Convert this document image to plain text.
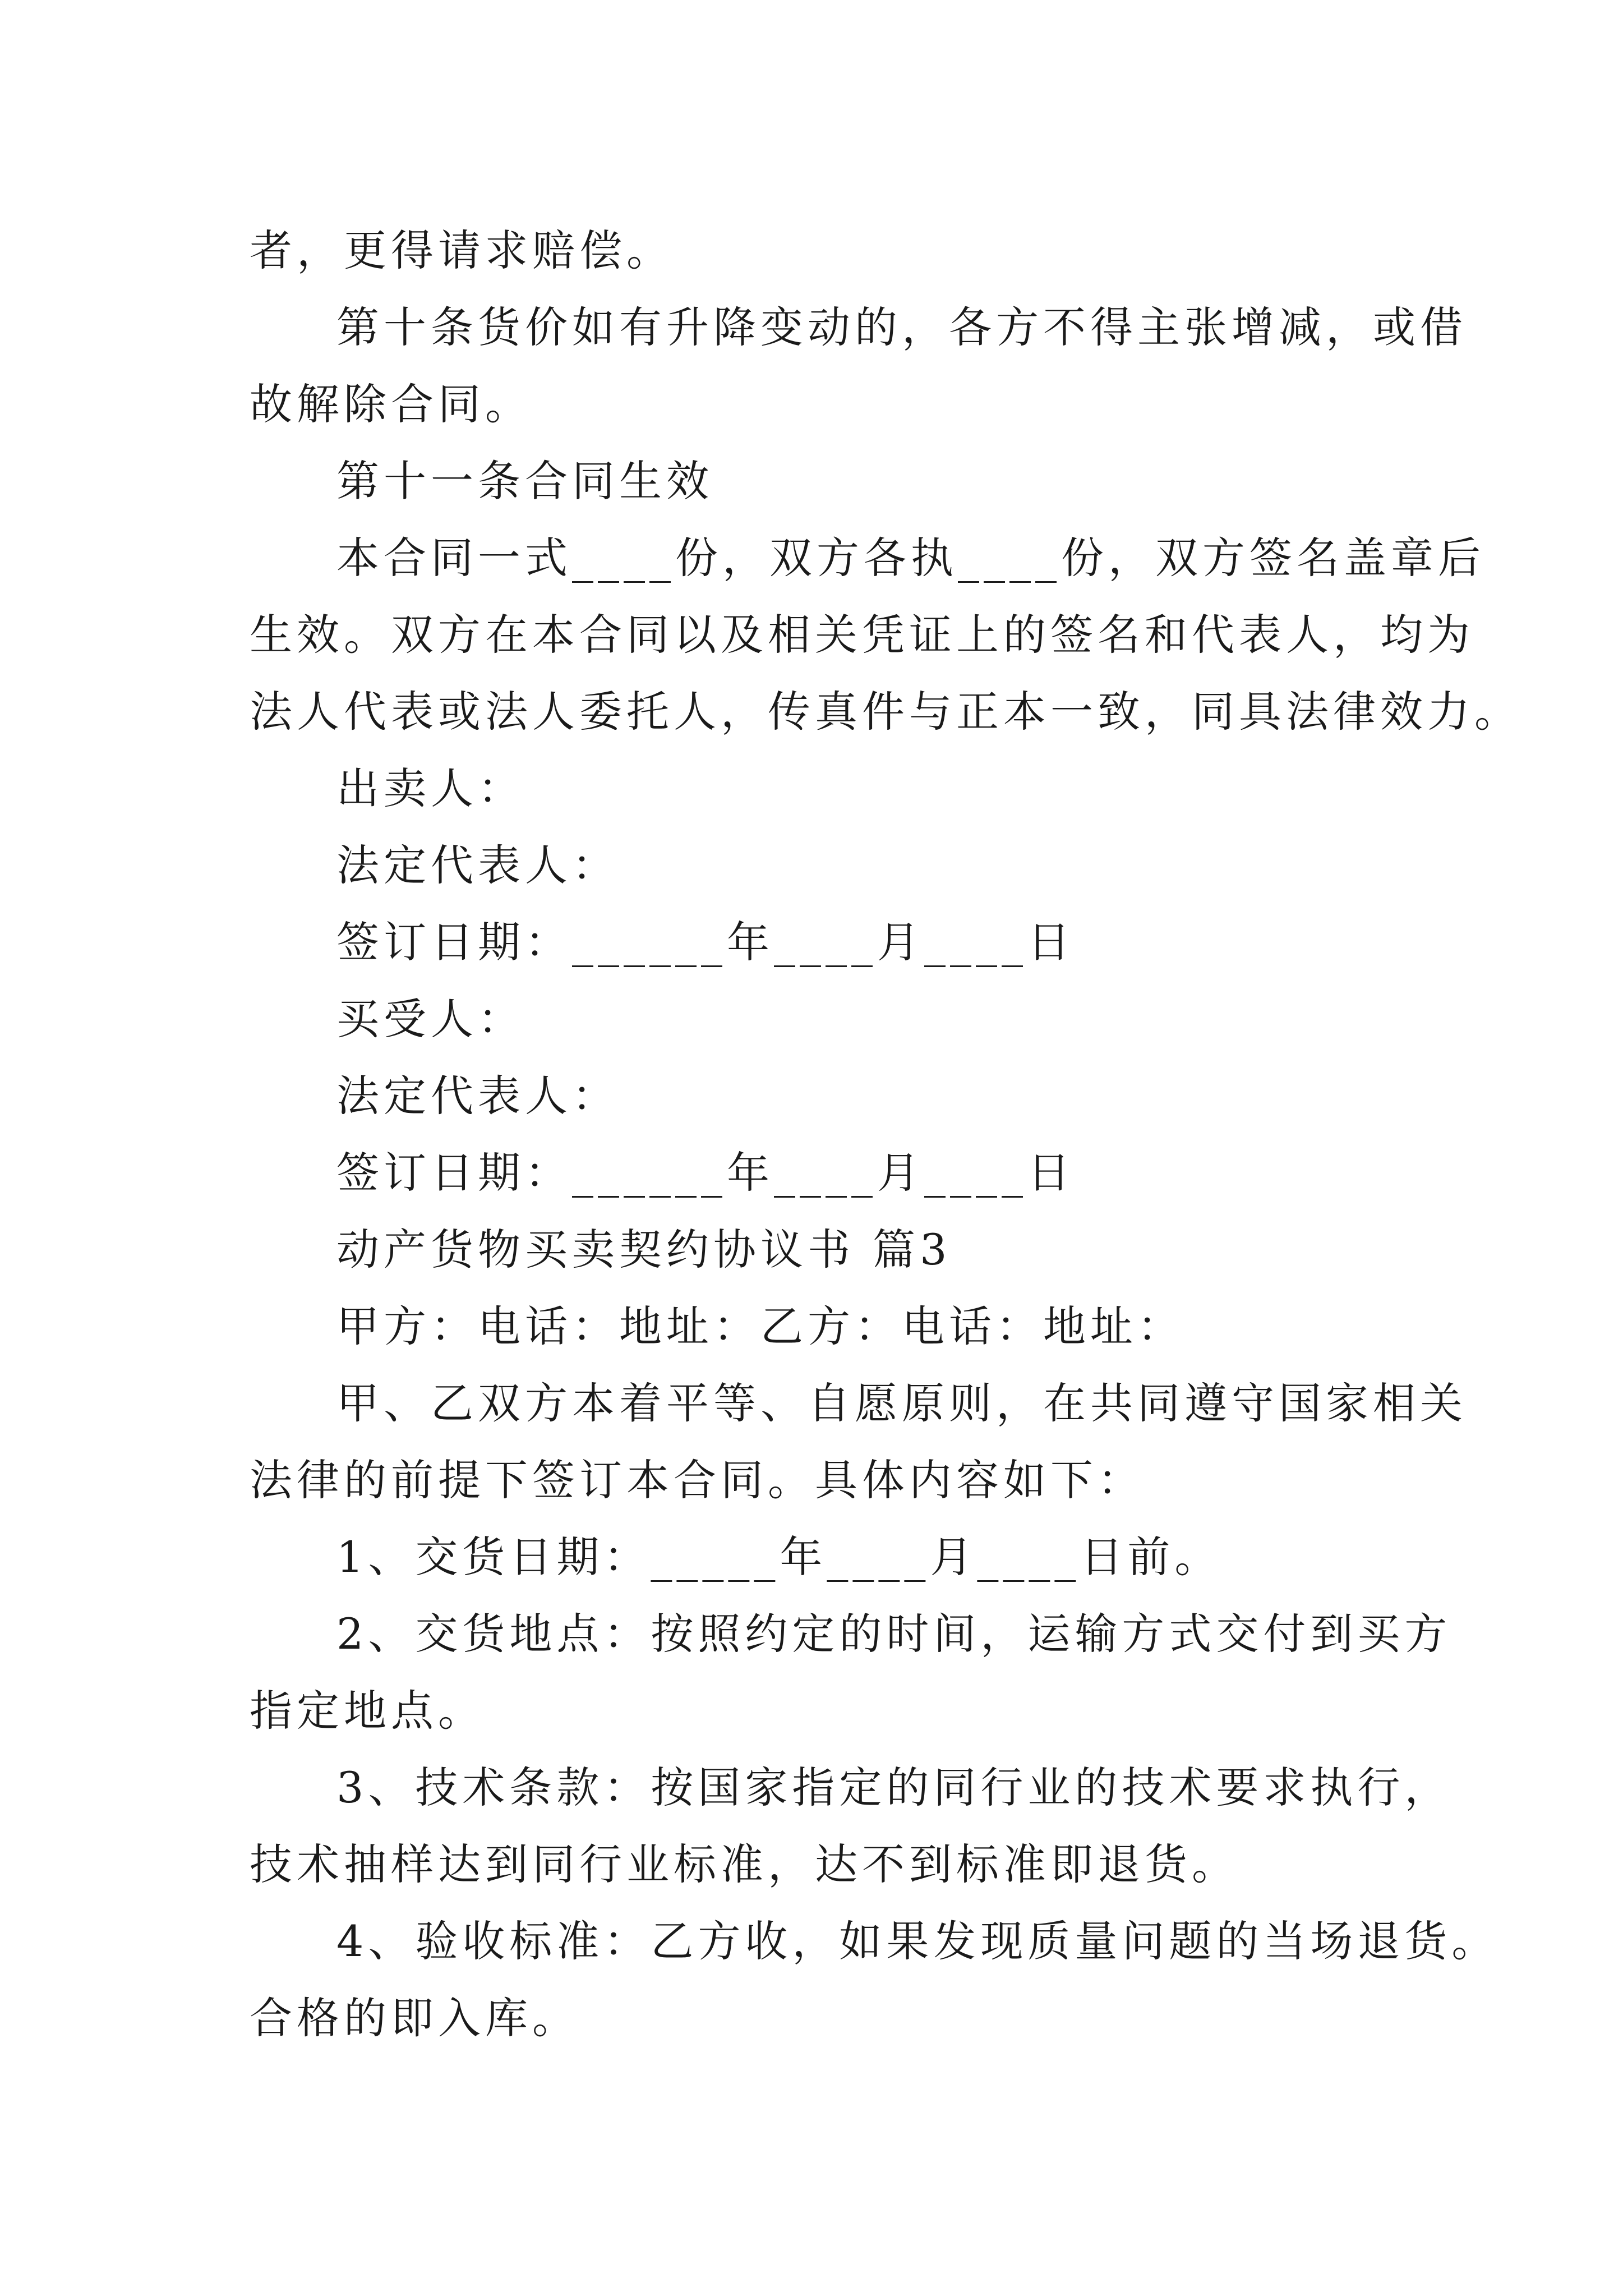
者，更得请求赔偿。
第十条货价如有升降变动的，各方不得主张增减，或借
故解除合同。
第十一条合同生效
本合同一式____份，双方各执____份，双方签名盖章后
生效。双方在本合同以及相关凭证上的签名和代表人，均为
法人代表或法人委托人，传真件与正本一致，同具法律效力。
出卖人：
法定代表人：
签订日期：______年____月____日
买受人：
法定代表人：
签订日期：______年____月____日
动产货物买卖契约协议书 篇3
甲方：电话：地址：乙方：电话：地址：
甲、乙双方本着平等、自愿原则，在共同遵守国家相关
法律的前提下签订本合同。具体内容如下：
1、交货日期：_____年____月____日前。
2、交货地点：按照约定的时间，运输方式交付到买方
指定地点。
3、技术条款：按国家指定的同行业的技术要求执行，
技术抽样达到同行业标准，达不到标准即退货。
4、验收标准：乙方收，如果发现质量问题的当场退货。
合格的即入库。
